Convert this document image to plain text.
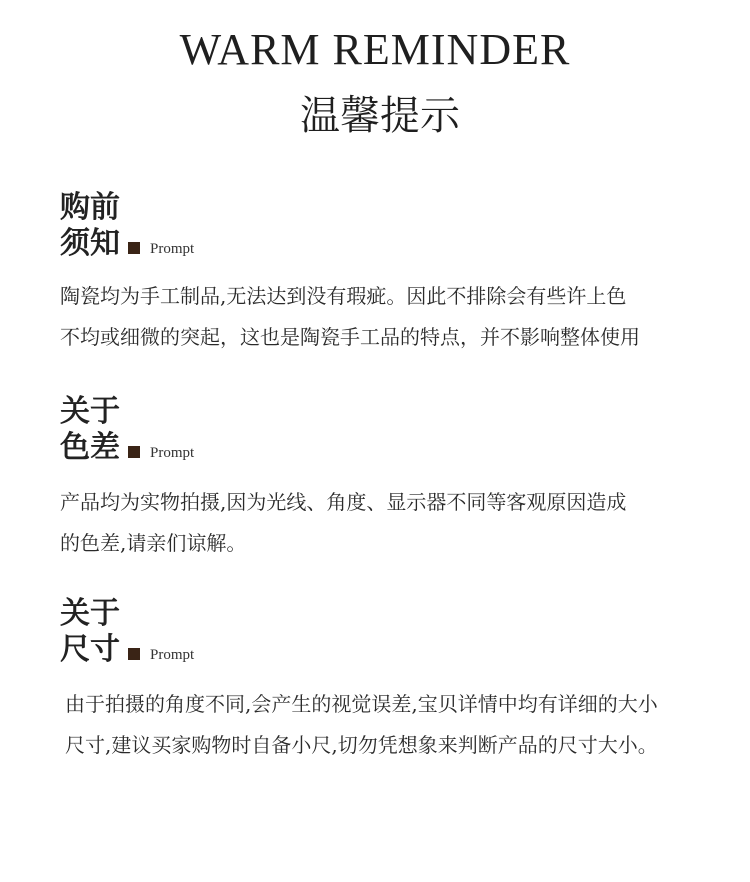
WARM REMINDER
温馨提示
购前
须知 Prompt
陶瓷均为手工制品,无法达到没有瑕疵。因此不排除会有些许上色
不均或细微的突起，这也是陶瓷手工品的特点，并不影响整体使用
关于
色差 Prompt
产品均为实物拍摄,因为光线、角度、显示器不同等客观原因造成
的色差,请亲们谅解。
关于
尺寸 Prompt
由于拍摄的角度不同,会产生的视觉误差,宝贝详情中均有详细的大小
尺寸,建议买家购物时自备小尺,切勿凭想象来判断产品的尺寸大小。
